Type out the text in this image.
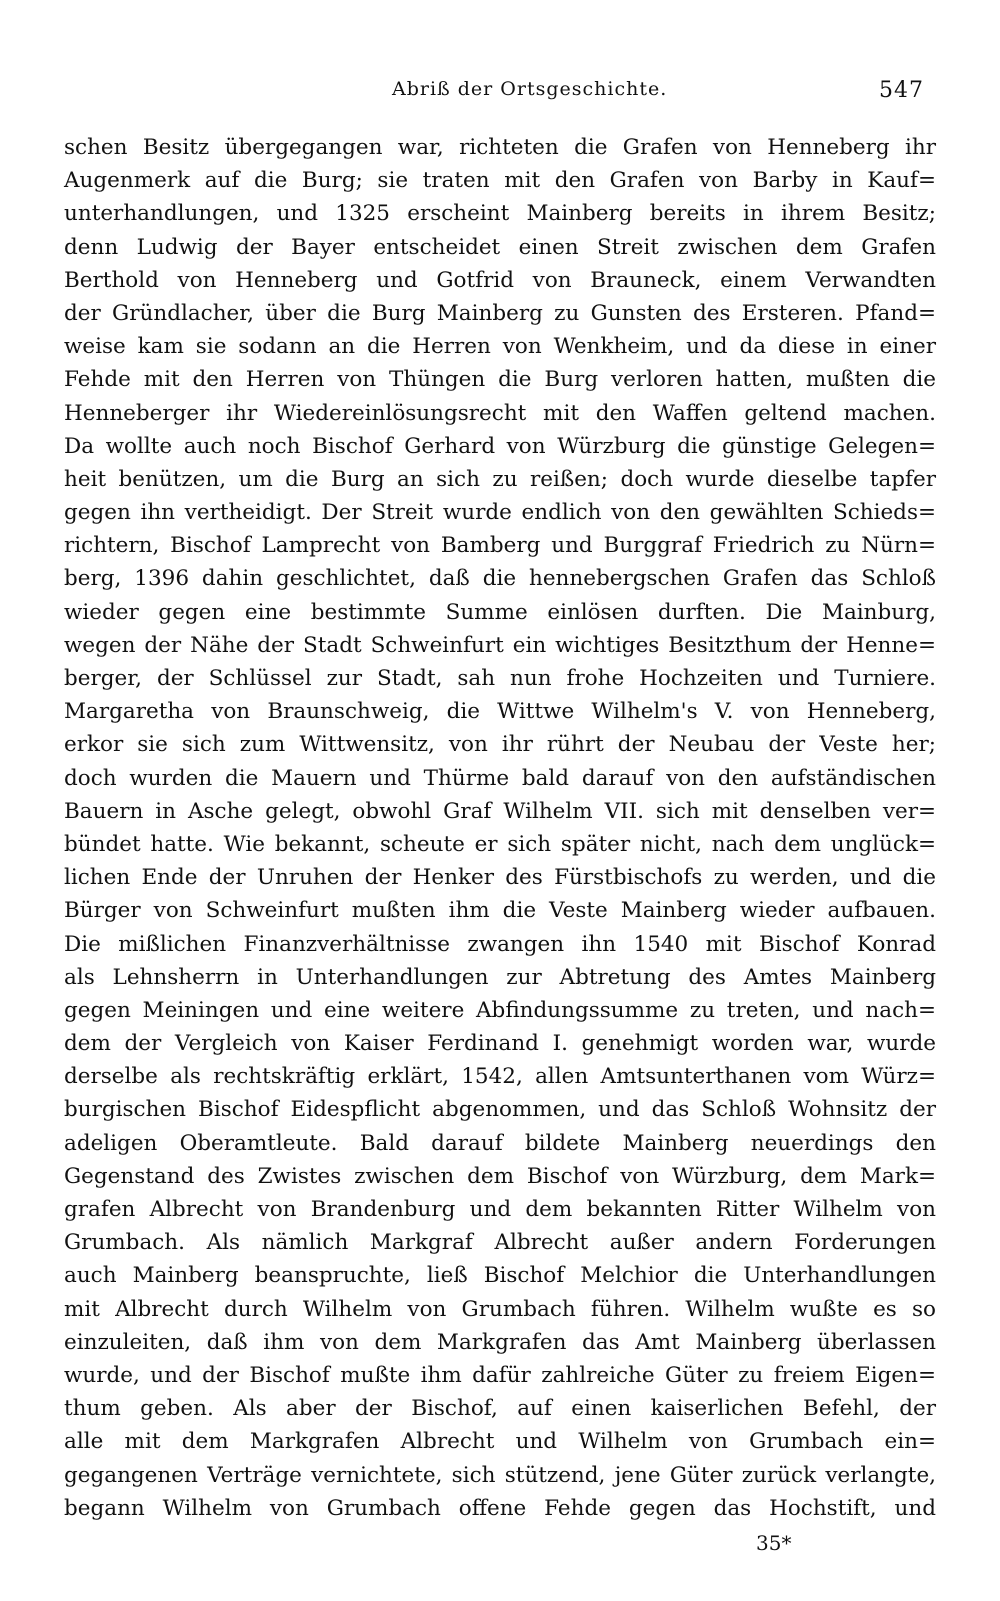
Abriß der Ortsgeschichte.	547
schen Besitz übergegangen war, richteten die Grafen von Henneberg ihr
Augenmerk auf die Burg; sie traten mit den Grafen von Barby in Kauf=
unterhandlungen, und 1325 erscheint Mainberg bereits in ihrem Besitz;
denn Ludwig der Bayer entscheidet einen Streit zwischen dem Grafen
Berthold von Henneberg und Gotfrid von Brauneck, einem Verwandten
der Gründlacher, über die Burg Mainberg zu Gunsten des Ersteren. Pfand=
weise kam sie sodann an die Herren von Wenkheim, und da diese in einer
Fehde mit den Herren von Thüngen die Burg verloren hatten, mußten die
Henneberger ihr Wiedereinlösungsrecht mit den Waffen geltend machen.
Da wollte auch noch Bischof Gerhard von Würzburg die günstige Gelegen=
heit benützen, um die Burg an sich zu reißen; doch wurde dieselbe tapfer
gegen ihn vertheidigt. Der Streit wurde endlich von den gewählten Schieds=
richtern, Bischof Lamprecht von Bamberg und Burggraf Friedrich zu Nürn=
berg, 1396 dahin geschlichtet, daß die hennebergschen Grafen das Schloß
wieder gegen eine bestimmte Summe einlösen durften. Die Mainburg,
wegen der Nähe der Stadt Schweinfurt ein wichtiges Besitzthum der Henne=
berger, der Schlüssel zur Stadt, sah nun frohe Hochzeiten und Turniere.
Margaretha von Braunschweig, die Wittwe Wilhelm's V. von Henneberg,
erkor sie sich zum Wittwensitz, von ihr rührt der Neubau der Veste her;
doch wurden die Mauern und Thürme bald darauf von den aufständischen
Bauern in Asche gelegt, obwohl Graf Wilhelm VII. sich mit denselben ver=
bündet hatte. Wie bekannt, scheute er sich später nicht, nach dem unglück=
lichen Ende der Unruhen der Henker des Fürstbischofs zu werden, und die
Bürger von Schweinfurt mußten ihm die Veste Mainberg wieder aufbauen.
Die mißlichen Finanzverhältnisse zwangen ihn 1540 mit Bischof Konrad
als Lehnsherrn in Unterhandlungen zur Abtretung des Amtes Mainberg
gegen Meiningen und eine weitere Abfindungssumme zu treten, und nach=
dem der Vergleich von Kaiser Ferdinand I. genehmigt worden war, wurde
derselbe als rechtskräftig erklärt, 1542, allen Amtsunterthanen vom Würz=
burgischen Bischof Eidespflicht abgenommen, und das Schloß Wohnsitz der
adeligen Oberamtleute. Bald darauf bildete Mainberg neuerdings den
Gegenstand des Zwistes zwischen dem Bischof von Würzburg, dem Mark=
grafen Albrecht von Brandenburg und dem bekannten Ritter Wilhelm von
Grumbach. Als nämlich Markgraf Albrecht außer andern Forderungen
auch Mainberg beanspruchte, ließ Bischof Melchior die Unterhandlungen
mit Albrecht durch Wilhelm von Grumbach führen. Wilhelm wußte es so
einzuleiten, daß ihm von dem Markgrafen das Amt Mainberg überlassen
wurde, und der Bischof mußte ihm dafür zahlreiche Güter zu freiem Eigen=
thum geben. Als aber der Bischof, auf einen kaiserlichen Befehl, der
alle mit dem Markgrafen Albrecht und Wilhelm von Grumbach ein=
gegangenen Verträge vernichtete, sich stützend, jene Güter zurück verlangte,
begann Wilhelm von Grumbach offene Fehde gegen das Hochstift, und
35*
